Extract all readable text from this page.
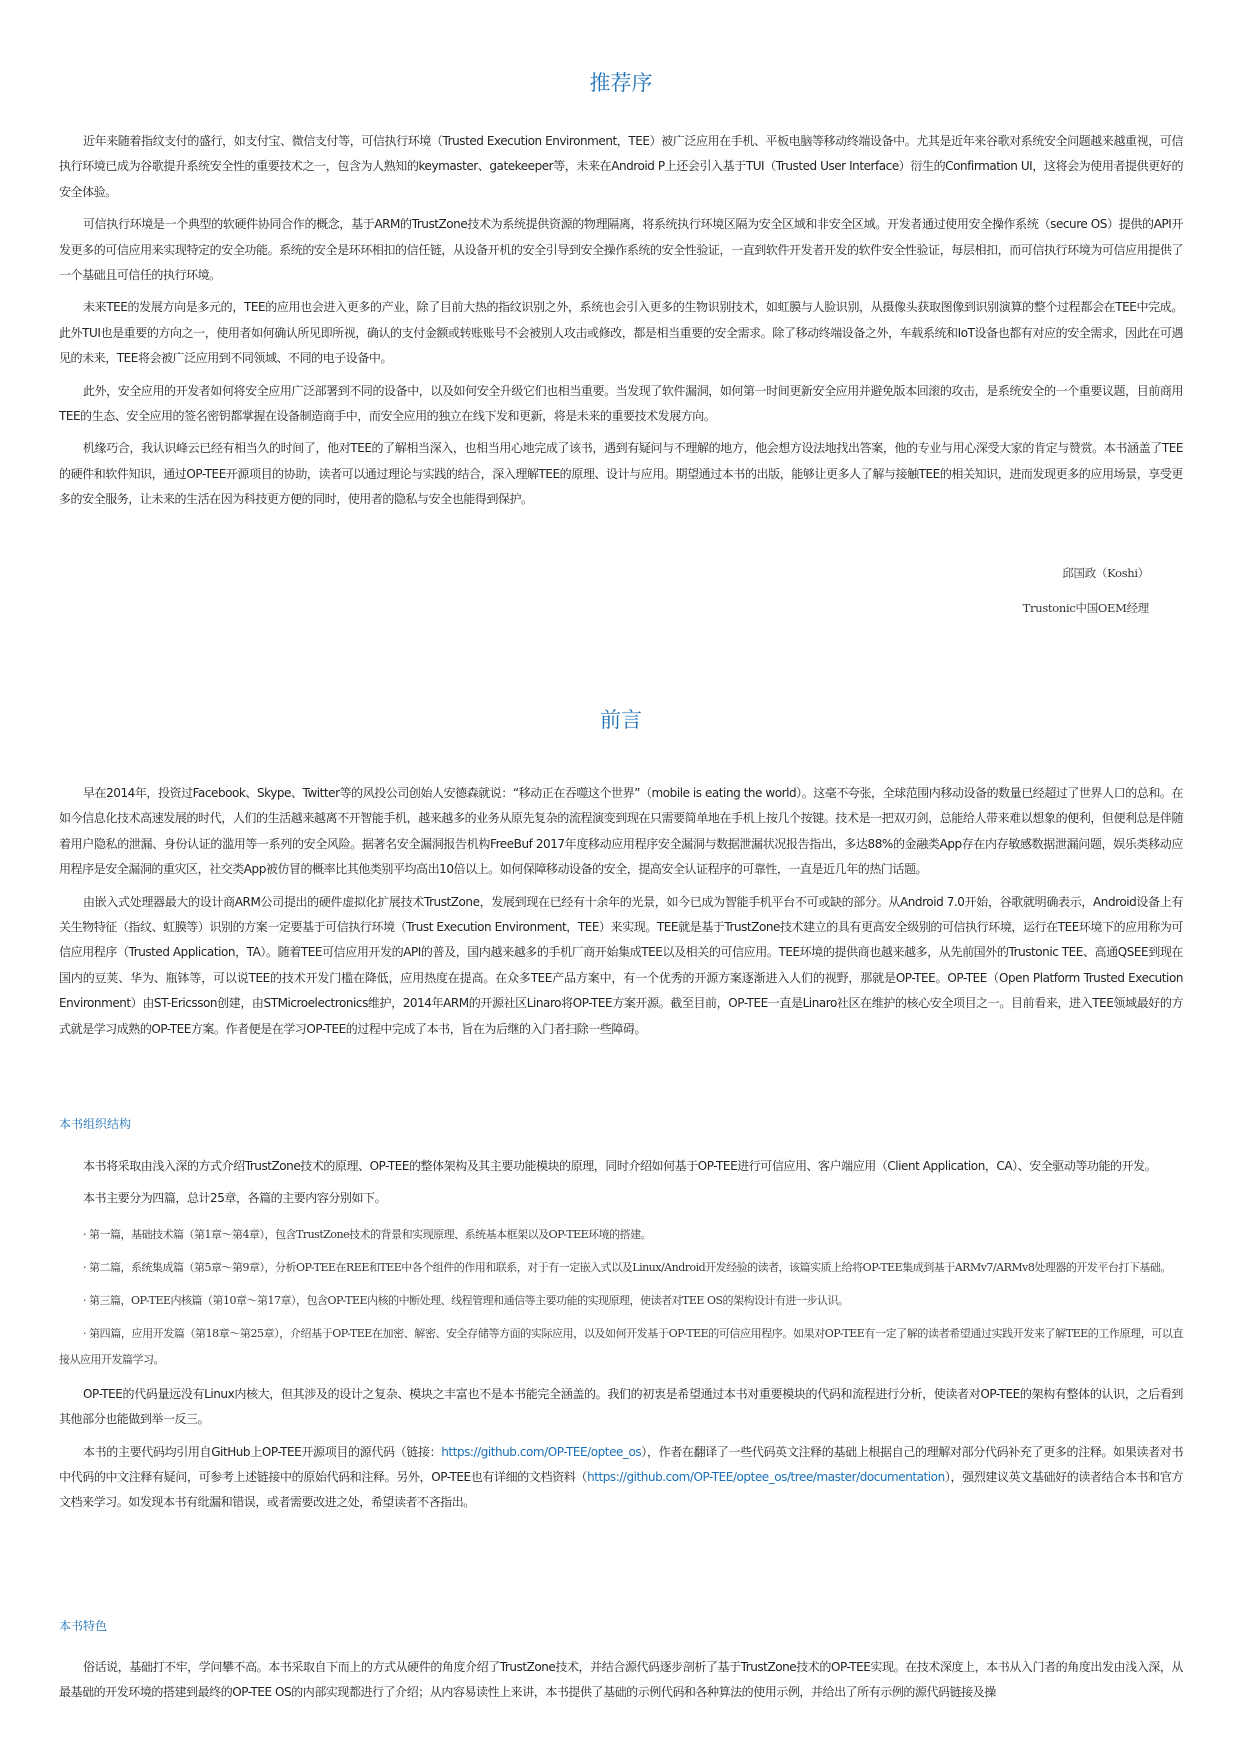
推荐序

近年来随着指纹支付的盛行，如支付宝、微信支付等，可信执行环境（Trusted Execution Environment，TEE）被广泛应用在手机、平板电脑等移动终端设备中。尤其是近年来谷歌对系统安全问题越来越重视，可信执行环境已成为谷歌提升系统安全性的重要技术之一，包含为人熟知的keymaster、gatekeeper等，未来在Android P上还会引入基于TUI（Trusted User Interface）衍生的Confirmation UI，这将会为使用者提供更好的安全体验。

可信执行环境是一个典型的软硬件协同合作的概念，基于ARM的TrustZone技术为系统提供资源的物理隔离，将系统执行环境区隔为安全区域和非安全区域。开发者通过使用安全操作系统（secure OS）提供的API开发更多的可信应用来实现特定的安全功能。系统的安全是环环相扣的信任链，从设备开机的安全引导到安全操作系统的安全性验证，一直到软件开发者开发的软件安全性验证，每层相扣，而可信执行环境为可信应用提供了一个基础且可信任的执行环境。

未来TEE的发展方向是多元的，TEE的应用也会进入更多的产业，除了目前大热的指纹识别之外，系统也会引入更多的生物识别技术，如虹膜与人脸识别，从摄像头获取图像到识别演算的整个过程都会在TEE中完成。此外TUI也是重要的方向之一，使用者如何确认所见即所视，确认的支付金额或转账账号不会被别人攻击或修改，都是相当重要的安全需求。除了移动终端设备之外，车载系统和IoT设备也都有对应的安全需求，因此在可遇见的未来，TEE将会被广泛应用到不同领域、不同的电子设备中。

此外，安全应用的开发者如何将安全应用广泛部署到不同的设备中，以及如何安全升级它们也相当重要。当发现了软件漏洞，如何第一时间更新安全应用并避免版本回滚的攻击，是系统安全的一个重要议题，目前商用TEE的生态、安全应用的签名密钥都掌握在设备制造商手中，而安全应用的独立在线下发和更新，将是未来的重要技术发展方向。

机缘巧合，我认识峰云已经有相当久的时间了，他对TEE的了解相当深入，也相当用心地完成了该书，遇到有疑问与不理解的地方，他会想方设法地找出答案，他的专业与用心深受大家的肯定与赞赏。本书涵盖了TEE的硬件和软件知识，通过OP-TEE开源项目的协助，读者可以通过理论与实践的结合，深入理解TEE的原理、设计与应用。期望通过本书的出版，能够让更多人了解与接触TEE的相关知识，进而发现更多的应用场景，享受更多的安全服务，让未来的生活在因为科技更方便的同时，使用者的隐私与安全也能得到保护。

邱国政（Koshi）
Trustonic中国OEM经理
前言

早在2014年，投资过Facebook、Skype、Twitter等的风投公司创始人安德森就说：“移动正在吞噬这个世界”（mobile is eating the world）。这毫不夸张，全球范围内移动设备的数量已经超过了世界人口的总和。在如今信息化技术高速发展的时代，人们的生活越来越离不开智能手机，越来越多的业务从原先复杂的流程演变到现在只需要简单地在手机上按几个按键。技术是一把双刃剑，总能给人带来难以想象的便利，但便利总是伴随着用户隐私的泄漏、身份认证的滥用等一系列的安全风险。据著名安全漏洞报告机构FreeBuf 2017年度移动应用程序安全漏洞与数据泄漏状况报告指出，多达88%的金融类App存在内存敏感数据泄漏问题，娱乐类移动应用程序是安全漏洞的重灾区，社交类App被仿冒的概率比其他类别平均高出10倍以上。如何保障移动设备的安全，提高安全认证程序的可靠性，一直是近几年的热门话题。

由嵌入式处理器最大的设计商ARM公司提出的硬件虚拟化扩展技术TrustZone，发展到现在已经有十余年的光景，如今已成为智能手机平台不可或缺的部分。从Android 7.0开始，谷歌就明确表示，Android设备上有关生物特征（指纹、虹膜等）识别的方案一定要基于可信执行环境（Trust Execution Environment，TEE）来实现。TEE就是基于TrustZone技术建立的具有更高安全级别的可信执行环境，运行在TEE环境下的应用称为可信应用程序（Trusted Application，TA）。随着TEE可信应用开发的API的普及，国内越来越多的手机厂商开始集成TEE以及相关的可信应用。TEE环境的提供商也越来越多，从先前国外的Trustonic TEE、高通QSEE到现在国内的豆荚、华为、瓶钵等，可以说TEE的技术开发门槛在降低，应用热度在提高。在众多TEE产品方案中，有一个优秀的开源方案逐渐进入人们的视野，那就是OP-TEE。OP-TEE（Open Platform Trusted Execution Environment）由ST-Ericsson创建，由STMicroelectronics维护，2014年ARM的开源社区Linaro将OP-TEE方案开源。截至目前，OP-TEE一直是Linaro社区在维护的核心安全项目之一。目前看来，进入TEE领域最好的方式就是学习成熟的OP-TEE方案。作者便是在学习OP-TEE的过程中完成了本书，旨在为后继的入门者扫除一些障碍。

本书组织结构

本书将采取由浅入深的方式介绍TrustZone技术的原理、OP-TEE的整体架构及其主要功能模块的原理，同时介绍如何基于OP-TEE进行可信应用、客户端应用（Client Application，CA）、安全驱动等功能的开发。

本书主要分为四篇，总计25章，各篇的主要内容分别如下。

· 第一篇，基础技术篇（第1章～第4章），包含TrustZone技术的背景和实现原理、系统基本框架以及OP-TEE环境的搭建。

· 第二篇，系统集成篇（第5章～第9章），分析OP-TEE在REE和TEE中各个组件的作用和联系，对于有一定嵌入式以及Linux/Android开发经验的读者，该篇实质上给将OP-TEE集成到基于ARMv7/ARMv8处理器的开发平台打下基础。

· 第三篇，OP-TEE内核篇（第10章～第17章），包含OP-TEE内核的中断处理、线程管理和通信等主要功能的实现原理，使读者对TEE OS的架构设计有进一步认识。

· 第四篇，应用开发篇（第18章～第25章），介绍基于OP-TEE在加密、解密、安全存储等方面的实际应用，以及如何开发基于OP-TEE的可信应用程序。如果对OP-TEE有一定了解的读者希望通过实践开发来了解TEE的工作原理，可以直接从应用开发篇学习。

OP-TEE的代码量远没有Linux内核大，但其涉及的设计之复杂、模块之丰富也不是本书能完全涵盖的。我们的初衷是希望通过本书对重要模块的代码和流程进行分析，使读者对OP-TEE的架构有整体的认识，之后看到其他部分也能做到举一反三。

本书的主要代码均引用自GitHub上OP-TEE开源项目的源代码（链接：https://github.com/OP-TEE/optee_os），作者在翻译了一些代码英文注释的基础上根据自己的理解对部分代码补充了更多的注释。如果读者对书中代码的中文注释有疑问，可参考上述链接中的原始代码和注释。另外，OP-TEE也有详细的文档资料（https://github.com/OP-TEE/optee_os/tree/master/documentation），强烈建议英文基础好的读者结合本书和官方文档来学习。如发现本书有纰漏和错误，或者需要改进之处，希望读者不吝指出。

本书特色

俗话说，基础打不牢，学问攀不高。本书采取自下而上的方式从硬件的角度介绍了TrustZone技术，并结合源代码逐步剖析了基于TrustZone技术的OP-TEE实现。在技术深度上，本书从入门者的角度出发由浅入深，从最基础的开发环境的搭建到最终的OP-TEE OS的内部实现都进行了介绍；从内容易读性上来讲，本书提供了基础的示例代码和各种算法的使用示例，并给出了所有示例的源代码链接及操
